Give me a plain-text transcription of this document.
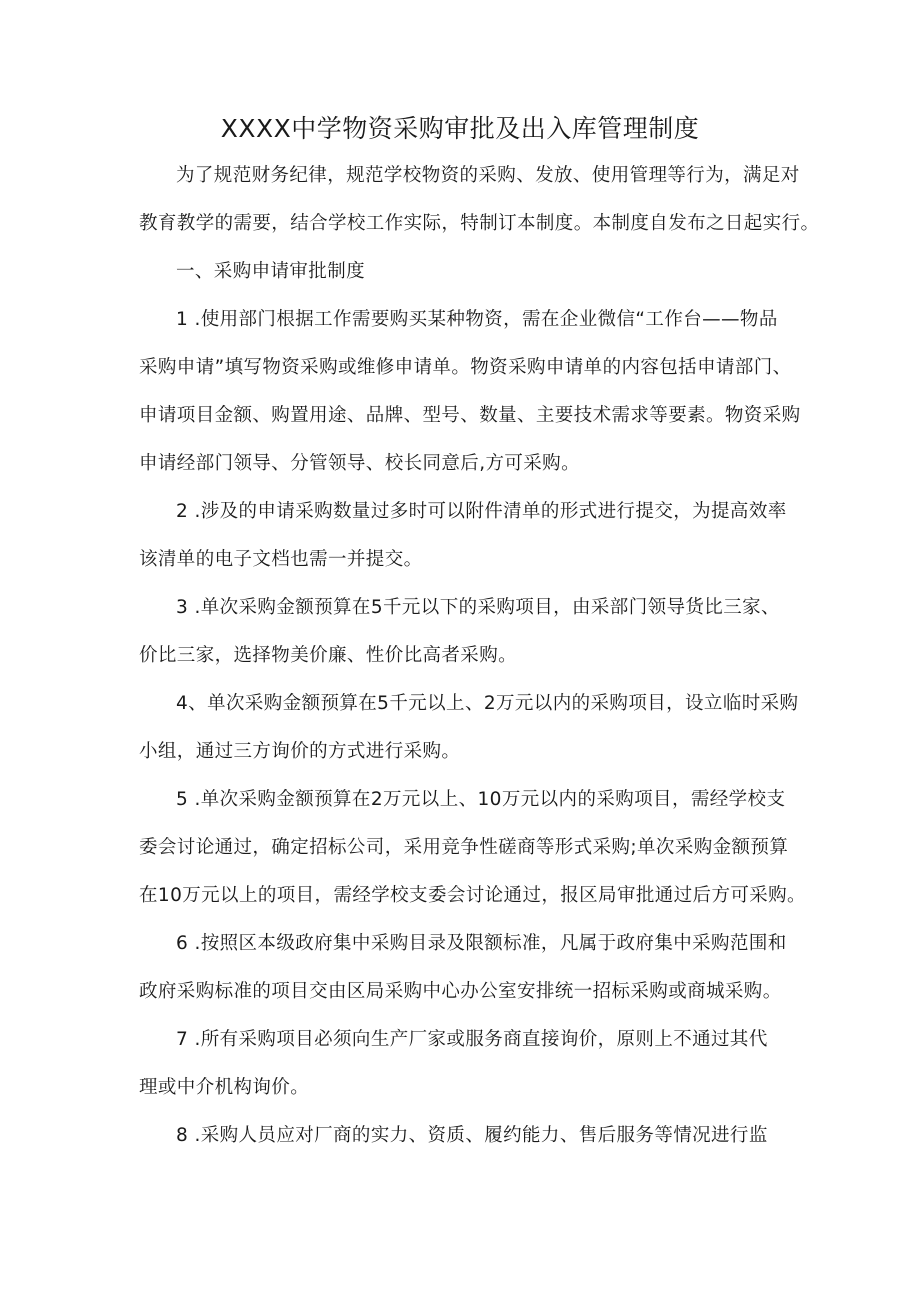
XXXX中学物资采购审批及出入库管理制度

为了规范财务纪律，规范学校物资的采购、发放、使用管理等行为，满足对
教育教学的需要，结合学校工作实际，特制订本制度。本制度自发布之日起实行。

一、采购申请审批制度

1 .使用部门根据工作需要购买某种物资，需在企业微信“工作台——物品
采购申请”填写物资采购或维修申请单。物资采购申请单的内容包括申请部门、
申请项目金额、购置用途、品牌、型号、数量、主要技术需求等要素。物资采购
申请经部门领导、分管领导、校长同意后,方可采购。

2 .涉及的申请采购数量过多时可以附件清单的形式进行提交，为提高效率
该清单的电子文档也需一并提交。

3 .单次采购金额预算在5千元以下的采购项目，由采部门领导货比三家、
价比三家，选择物美价廉、性价比高者采购。

4、单次采购金额预算在5千元以上、2万元以内的采购项目，设立临时采购
小组，通过三方询价的方式进行采购。

5 .单次采购金额预算在2万元以上、10万元以内的采购项目，需经学校支
委会讨论通过，确定招标公司，采用竞争性磋商等形式采购;单次采购金额预算
在10万元以上的项目，需经学校支委会讨论通过，报区局审批通过后方可采购。

6 .按照区本级政府集中采购目录及限额标准，凡属于政府集中采购范围和
政府采购标准的项目交由区局采购中心办公室安排统一招标采购或商城采购。

7 .所有采购项目必须向生产厂家或服务商直接询价，原则上不通过其代
理或中介机构询价。

8 .采购人员应对厂商的实力、资质、履约能力、售后服务等情况进行监
